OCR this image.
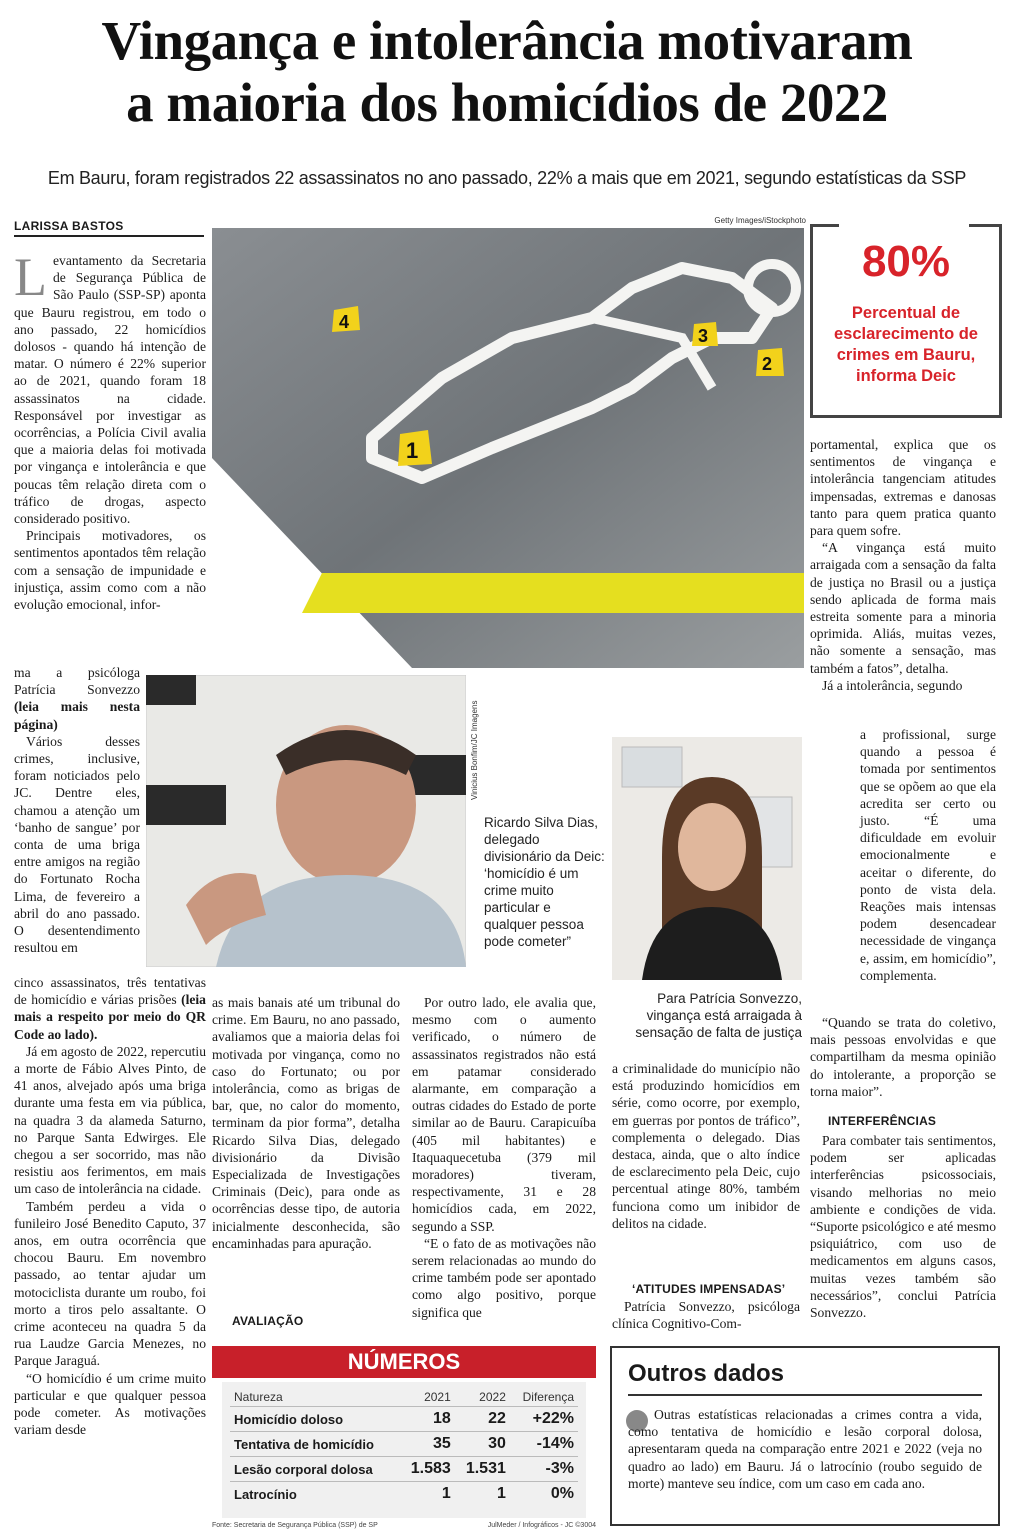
Vingança e intolerância motivaram
a maioria dos homicídios de 2022
Em Bauru, foram registrados 22 assassinatos no ano passado, 22% a mais que em 2021, segundo estatísticas da SSP
LARISSA BASTOS

Levantamento da Secretaria de Segurança Pública de São Paulo (SSP-SP) aponta que Bauru registrou, em todo o ano passado, 22 homicídios dolosos - quando há intenção de matar. O número é 22% superior ao de 2021, quando foram 18 assassinatos na cidade. Responsável por investigar as ocorrências, a Polícia Civil avalia que a maioria delas foi motivada por vingança e intolerância e que poucas têm relação direta com o tráfico de drogas, aspecto considerado positivo.

Principais motivadores, os sentimentos apontados têm relação com a sensação de impunidade e injustiça, assim como com a não evolução emocional, infor-

ma a psicóloga Patrícia Sonvezzo (leia mais nesta página)

Vários desses crimes, inclusive, foram noticiados pelo JC. Dentre eles, chamou a atenção um ‘banho de sangue’ por conta de uma briga entre amigos na região do Fortunato Rocha Lima, de fevereiro a abril do ano passado. O desentendimento resultou em

cinco assassinatos, três tentativas de homicídio e várias prisões (leia mais a respeito por meio do QR Code ao lado).

Já em agosto de 2022, repercutiu a morte de Fábio Alves Pinto, de 41 anos, alvejado após uma briga durante uma festa em via pública, na quadra 3 da alameda Saturno, no Parque Santa Edwirges. Ele chegou a ser socorrido, mas não resistiu aos ferimentos, em mais um caso de intolerância na cidade.

Também perdeu a vida o funileiro José Benedito Caputo, 37 anos, em outra ocorrência que chocou Bauru. Em novembro passado, ao tentar ajudar um motociclista durante um roubo, foi morto a tiros pelo assaltante. O crime aconteceu na quadra 5 da rua Laudze Garcia Menezes, no Parque Jaraguá.

“O homicídio é um crime muito particular e que qualquer pessoa pode cometer. As motivações variam desde

Getty Images/iStockphoto
4
3
2
1
Vinicius Bonfim/JC Imagens
Ricardo Silva Dias, delegado divisionário da Deic: ‘homicídio é um crime muito particular e qualquer pessoa pode cometer”
Para Patrícia Sonvezzo, vingança está arraigada à sensação de falta de justiça

as mais banais até um tribunal do crime. Em Bauru, no ano passado, avaliamos que a maioria delas foi motivada por vingança, como no caso do Fortunato; ou por intolerância, como as brigas de bar, que, no calor do momento, terminam da pior forma”, detalha Ricardo Silva Dias, delegado divisionário da Divisão Especializada de Investigações Criminais (Deic), para onde as ocorrências desse tipo, de autoria inicialmente desconhecida, são encaminhadas para apuração.

AVALIAÇÃO

Por outro lado, ele avalia que, mesmo com o aumento verificado, o número de assassinatos registrados não está em patamar considerado alarmante, em comparação a outras cidades do Estado de porte similar ao de Bauru. Carapicuíba (405 mil habitantes) e Itaquaquecetuba (379 mil moradores) tiveram, respectivamente, 31 e 28 homicídios cada, em 2022, segundo a SSP.

“E o fato de as motivações não serem relacionadas ao mundo do crime também pode ser apontado como algo positivo, porque significa que

a criminalidade do município não está produzindo homicídios em série, como ocorre, por exemplo, em guerras por pontos de tráfico”, complementa o delegado. Dias destaca, ainda, que o alto índice de esclarecimento pela Deic, cujo percentual atinge 80%, também funciona como um inibidor de delitos na cidade.

‘ATITUDES IMPENSADAS’

Patrícia Sonvezzo, psicóloga clínica Cognitivo-Com-

80%
Percentual de esclarecimento de crimes em Bauru, informa Deic

portamental, explica que os sentimentos de vingança e intolerância tangenciam atitudes impensadas, extremas e danosas tanto para quem pratica quanto para quem sofre.

“A vingança está muito arraigada com a sensação da falta de justiça no Brasil ou a justiça sendo aplicada de forma mais estreita somente para a minoria oprimida. Aliás, muitas vezes, não somente a sensação, mas também a fatos”, detalha.

Já a intolerância, segundo

a profissional, surge quando a pessoa é tomada por sentimentos que se opõem ao que ela acredita ser certo ou justo. “É uma dificuldade em evoluir emocionalmente e aceitar o diferente, do ponto de vista dela. Reações mais intensas podem desencadear necessidade de vingança e, assim, em homicídio”, complementa.

“Quando se trata do coletivo, mais pessoas envolvidas e que compartilham da mesma opinião do intolerante, a proporção se torna maior”.

INTERFERÊNCIAS

Para combater tais sentimentos, podem ser aplicadas interferências psicossociais, visando melhorias no meio ambiente e condições de vida. “Suporte psicológico e até mesmo psiquiátrico, com uso de medicamentos em alguns casos, muitas vezes também são necessários”, conclui Patrícia Sonvezzo.

NÚMEROS
Natureza	2021	2022	Diferença
Homicídio doloso	18	22	+22%
Tentativa de homicídio	35	30	-14%
Lesão corporal dolosa	1.583	1.531	-3%
Latrocínio	1	1	0%
Fonte: Secretaria de Segurança Pública (SSP) de SP	JulMeder / Infográficos - JC ©3004
Outros dados
Outras estatísticas relacionadas a crimes contra a vida, como tentativa de homicídio e lesão corporal dolosa, apresentaram queda na comparação entre 2021 e 2022 (veja no quadro ao lado) em Bauru. Já o latrocínio (roubo seguido de morte) manteve seu índice, com um caso em cada ano.
